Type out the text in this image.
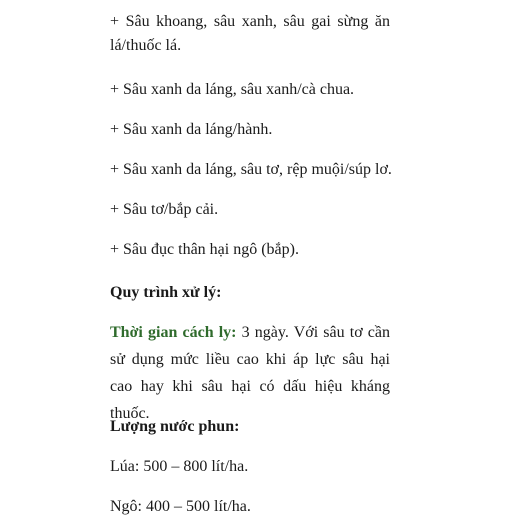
+ Sâu khoang, sâu xanh, sâu gai sừng ăn lá/thuốc lá.

+ Sâu xanh da láng, sâu xanh/cà chua.
+ Sâu xanh da láng/hành.
+ Sâu xanh da láng, sâu tơ, rệp muội/súp lơ.
+ Sâu tơ/bắp cải.
+ Sâu đục thân hại ngô (bắp).
Quy trình xử lý:

Thời gian cách ly: 3 ngày. Với sâu tơ cần sử dụng mức liều cao khi áp lực sâu hại cao hay khi sâu hại có dấu hiệu kháng thuốc.

Lượng nước phun:
Lúa: 500 – 800 lít/ha.
Ngô: 400 – 500 lít/ha.
